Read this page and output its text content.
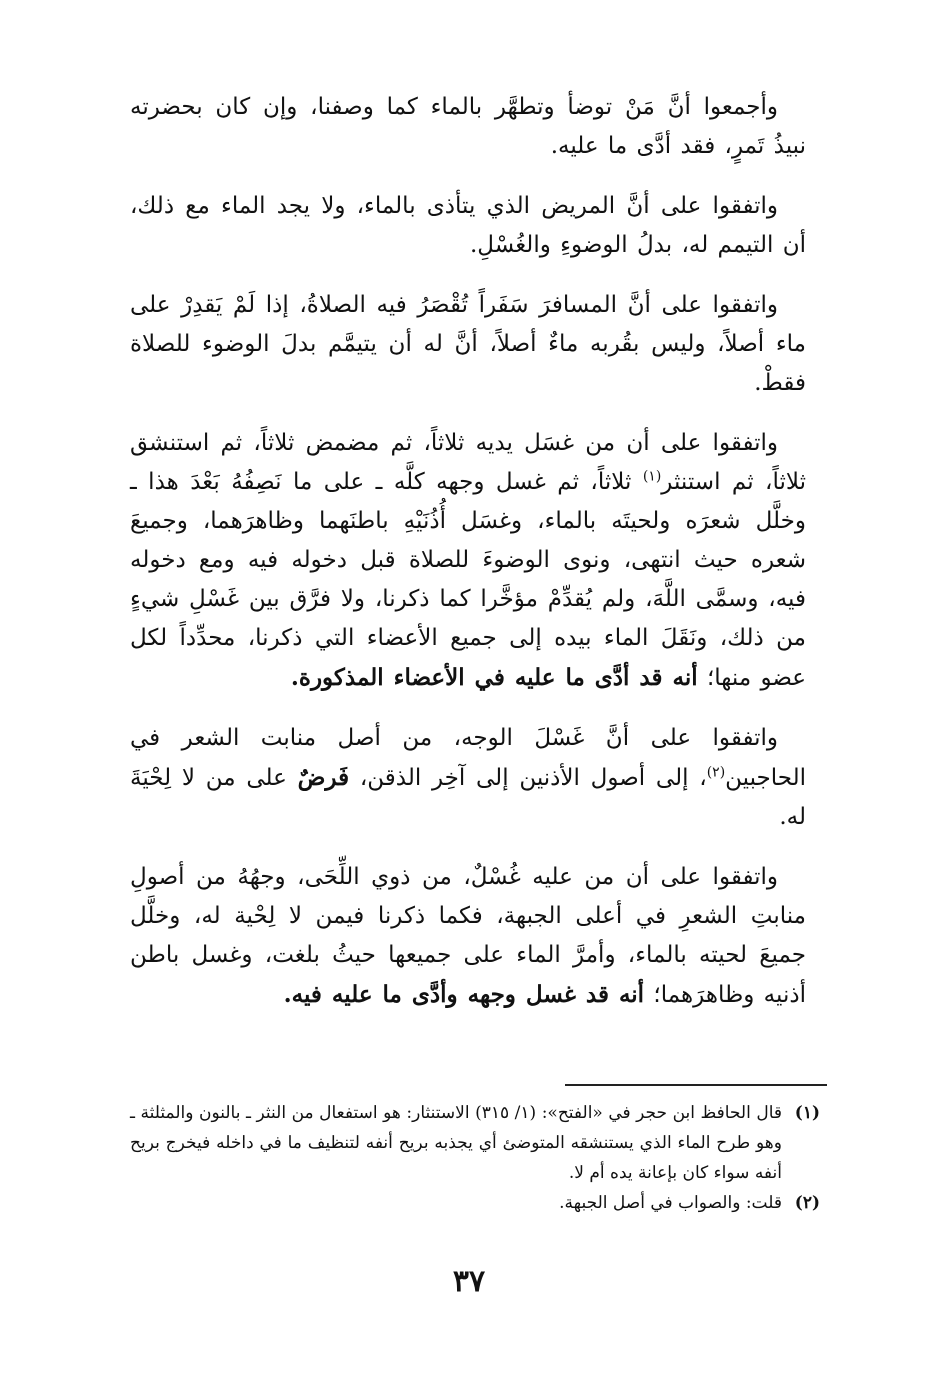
وأجمعوا أنَّ مَنْ توضأ وتطهَّر بالماء كما وصفنا، وإن كان بحضرته نبيذُ تَمرٍ، فقد أدَّى ما عليه.

واتفقوا على أنَّ المريض الذي يتأذى بالماء، ولا يجد الماء مع ذلك، أن التيمم له، بدلُ الوضوءِ والغُسْلِ.

واتفقوا على أنَّ المسافرَ سَفَراً تُقْصَرُ فيه الصلاةُ، إذا لَمْ يَقدِرْ على ماء أصلاً، وليس بقُربه ماءٌ أصلاً، أنَّ له أن يتيمَّم بدلَ الوضوء للصلاة فقطْ.

واتفقوا على أن من غسَل يديه ثلاثاً، ثم مضمض ثلاثاً، ثم استنشق ثلاثاً، ثم استنثر$^{(١)}$ ثلاثاً، ثم غسل وجهه كلَّه ـ على ما نَصِفُهُ بَعْدَ هذا ـ وخلَّل شعرَه ولحيتَه بالماء، وغسَل أُذُنَيْهِ باطنَهما وظاهرَهما، وجميعَ شعره حيث انتهى، ونوى الوضوءَ للصلاة قبل دخوله فيه ومع دخوله فيه، وسمَّى اللَّهَ، ولم يُقدِّمْ مؤخَّرا كما ذكرنا، ولا فرَّق بين غَسْلِ شيءٍ من ذلك، ونَقَلَ الماء بيده إلى جميع الأعضاء التي ذكرنا، محدِّداً لكل عضو منها؛ أنه قد أدَّى ما عليه في الأعضاء المذكورة.

واتفقوا على أنَّ غَسْلَ الوجه، من أصل منابت الشعر في الحاجبين$^{(٢)}$، إلى أصول الأذنين إلى آخِر الذقن، فَرضٌ على من لا لِحْيَةَ له.

واتفقوا على أن من عليه غُسْلٌ، من ذوي اللِّحَى، وجهُهُ من أصولِ منابتِ الشعرِ في أعلى الجبهة، فكما ذكرنا فيمن لا لِحْية له، وخلَّل جميعَ لحيته بالماء، وأمرَّ الماء على جميعها حيثُ بلغت، وغسل باطن أذنيه وظاهرَهما؛ أنه قد غسل وجهه وأدَّى ما عليه فيه.

(١)
قال الحافظ ابن حجر في «الفتح»: (١/ ٣١٥) الاستنثار: هو استفعال من النثر ـ بالنون والمثلثة ـ وهو طرح الماء الذي يستنشقه المتوضئ أي يجذبه بريح أنفه لتنظيف ما في داخله فيخرج بريح أنفه سواء كان بإعانة يده أم لا.
(٢)
قلت: والصواب في أصل الجبهة.
٣٧
